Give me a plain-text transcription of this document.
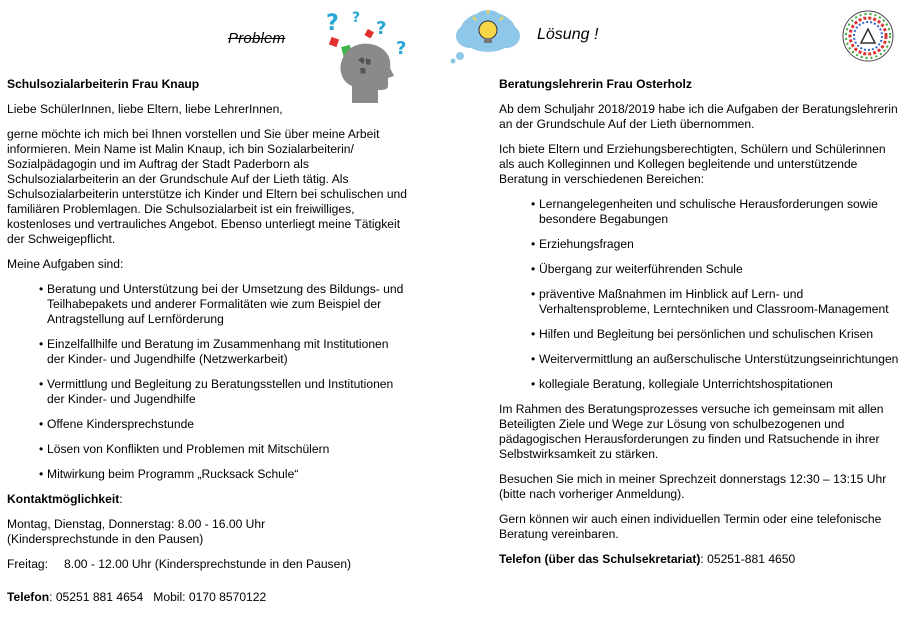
Problem	Lösung !
? ? ?
?
Schulsozialarbeiterin Frau Knaup

Liebe SchülerInnen, liebe Eltern, liebe LehrerInnen,

gerne möchte ich mich bei Ihnen vorstellen und Sie über meine Arbeit informieren. Mein Name ist Malin Knaup, ich bin Sozialarbeiterin/ Sozialpädagogin und im Auftrag der Stadt Paderborn als Schulsozialarbeiterin an der Grundschule Auf der Lieth tätig. Als Schulsozialarbeiterin unterstütze ich Kinder und Eltern bei schulischen und familiären Problemlagen. Die Schulsozialarbeit ist ein freiwilliges, kostenloses und vertrauliches Angebot. Ebenso unterliegt meine Tätigkeit der Schweigepflicht.

Meine Aufgaben sind:

• Beratung und Unterstützung bei der Umsetzung des Bildungs- und Teilhabepakets und anderer Formalitäten wie zum Beispiel der Antragstellung auf Lernförderung
• Einzelfallhilfe und Beratung im Zusammenhang mit Institutionen der Kinder- und Jugendhilfe (Netzwerkarbeit)
• Vermittlung und Begleitung zu Beratungsstellen und Institutionen der Kinder- und Jugendhilfe
• Offene Kindersprechstunde
• Lösen von Konflikten und Problemen mit Mitschülern
• Mitwirkung beim Programm „Rucksack Schule“

Kontaktmöglichkeit:

Montag, Dienstag, Donnerstag: 8.00 - 16.00 Uhr
(Kindersprechstunde in den Pausen)

Freitag: 8.00 - 12.00 Uhr (Kindersprechstunde in den Pausen)

Telefon: 05251 881 4654 Mobil: 0170 8570122

Beratungslehrerin Frau Osterholz

Ab dem Schuljahr 2018/2019 habe ich die Aufgaben der Beratungslehrerin an der Grundschule Auf der Lieth übernommen.

Ich biete Eltern und Erziehungsberechtigten, Schülern und Schülerinnen als auch Kolleginnen und Kollegen begleitende und unterstützende Beratung in verschiedenen Bereichen:

• Lernangelegenheiten und schulische Herausforderungen sowie besondere Begabungen
• Erziehungsfragen
• Übergang zur weiterführenden Schule
• präventive Maßnahmen im Hinblick auf Lern- und Verhaltensprobleme, Lerntechniken und Classroom-Management
• Hilfen und Begleitung bei persönlichen und schulischen Krisen
• Weitervermittlung an außerschulische Unterstützungseinrichtungen
• kollegiale Beratung, kollegiale Unterrichtshospitationen

Im Rahmen des Beratungsprozesses versuche ich gemeinsam mit allen Beteiligten Ziele und Wege zur Lösung von schulbezogenen und pädagogischen Herausforderungen zu finden und Ratsuchende in ihrer Selbstwirksamkeit zu stärken.

Besuchen Sie mich in meiner Sprechzeit donnerstags 12:30 – 13:15 Uhr (bitte nach vorheriger Anmeldung).

Gern können wir auch einen individuellen Termin oder eine telefonische Beratung vereinbaren.

Telefon (über das Schulsekretariat): 05251-881 4650
